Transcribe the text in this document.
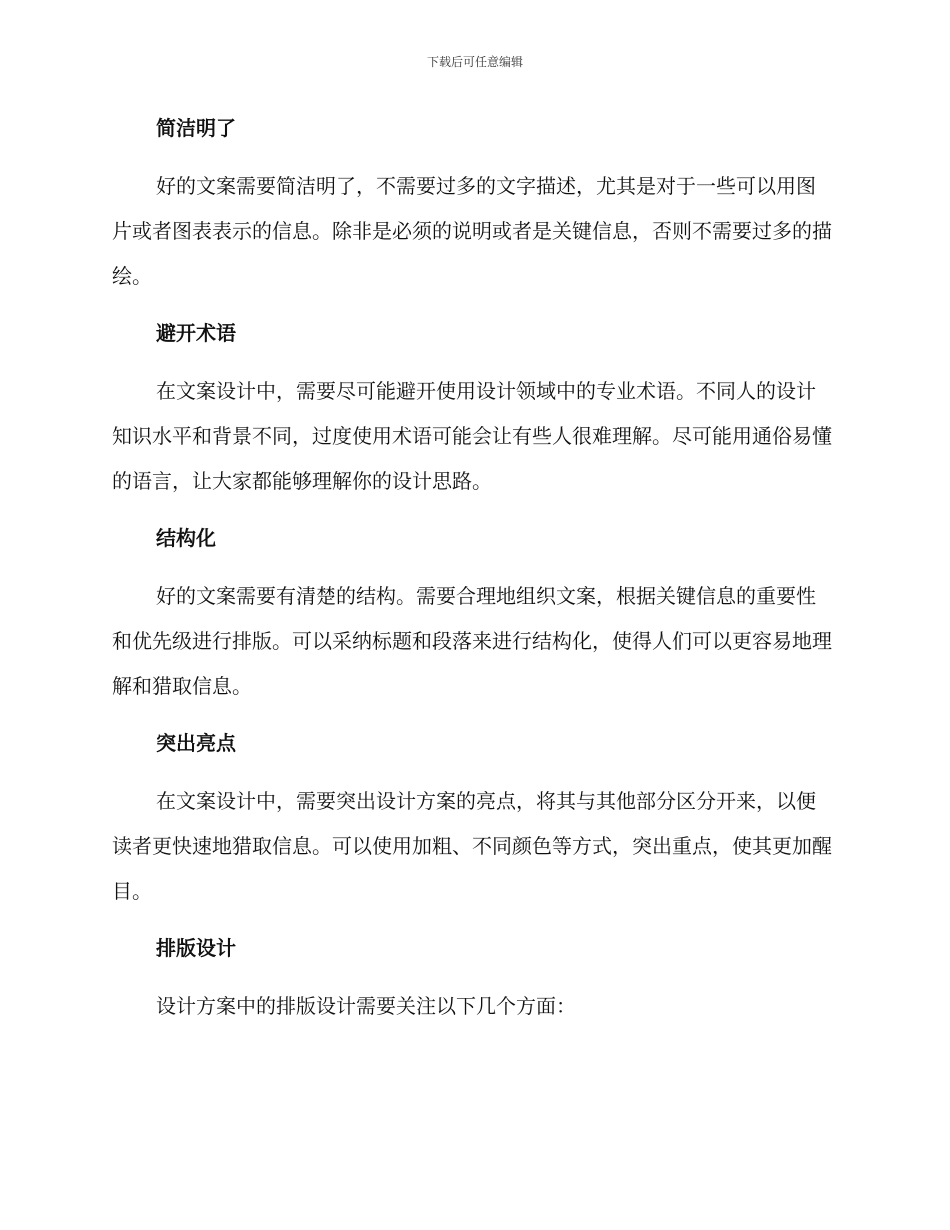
下载后可任意编辑
简洁明了

好的文案需要简洁明了，不需要过多的文字描述，尤其是对于一些可以用图片或者图表表示的信息。除非是必须的说明或者是关键信息，否则不需要过多的描绘。

避开术语

在文案设计中，需要尽可能避开使用设计领域中的专业术语。不同人的设计知识水平和背景不同，过度使用术语可能会让有些人很难理解。尽可能用通俗易懂的语言，让大家都能够理解你的设计思路。

结构化

好的文案需要有清楚的结构。需要合理地组织文案，根据关键信息的重要性和优先级进行排版。可以采纳标题和段落来进行结构化，使得人们可以更容易地理解和猎取信息。

突出亮点

在文案设计中，需要突出设计方案的亮点，将其与其他部分区分开来，以便读者更快速地猎取信息。可以使用加粗、不同颜色等方式，突出重点，使其更加醒目。

排版设计

设计方案中的排版设计需要关注以下几个方面：
